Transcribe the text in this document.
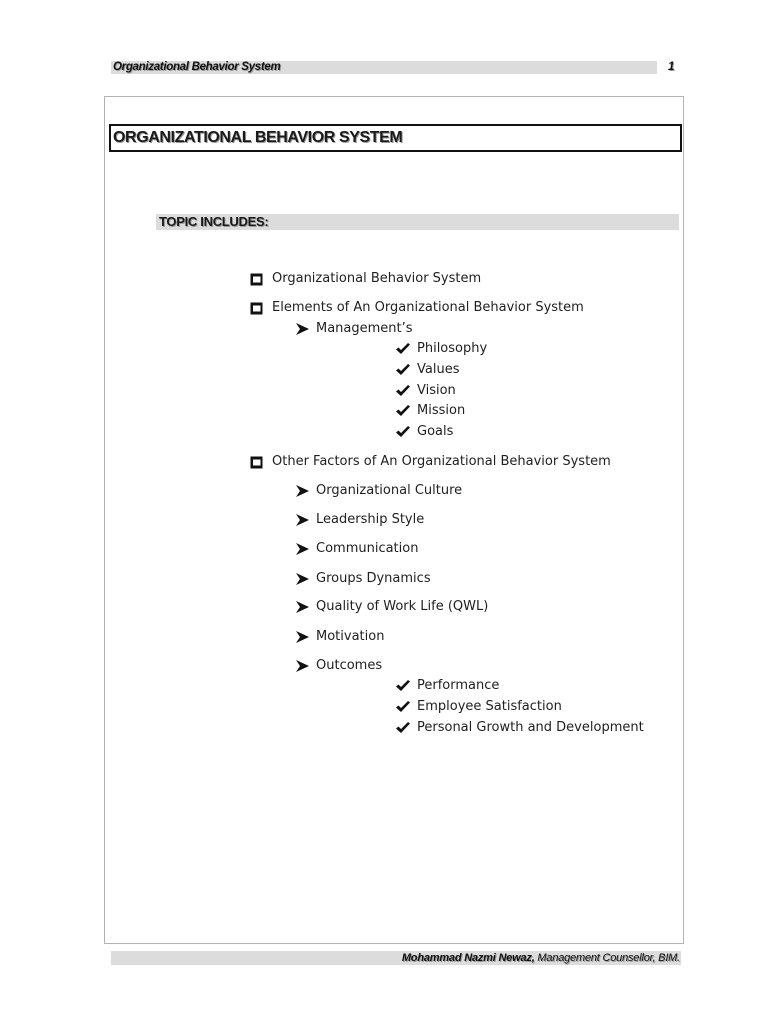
Organizational Behavior System	1
ORGANIZATIONAL BEHAVIOR SYSTEM
TOPIC INCLUDES:
Organizational Behavior System
Elements of An Organizational Behavior System
Management’s
Philosophy
Values
Vision
Mission
Goals
Other Factors of An Organizational Behavior System
Organizational Culture
Leadership Style
Communication
Groups Dynamics
Quality of Work Life (QWL)
Motivation
Outcomes
Performance
Employee Satisfaction
Personal Growth and Development
Mohammad Nazmi Newaz, Management Counsellor, BIM.
